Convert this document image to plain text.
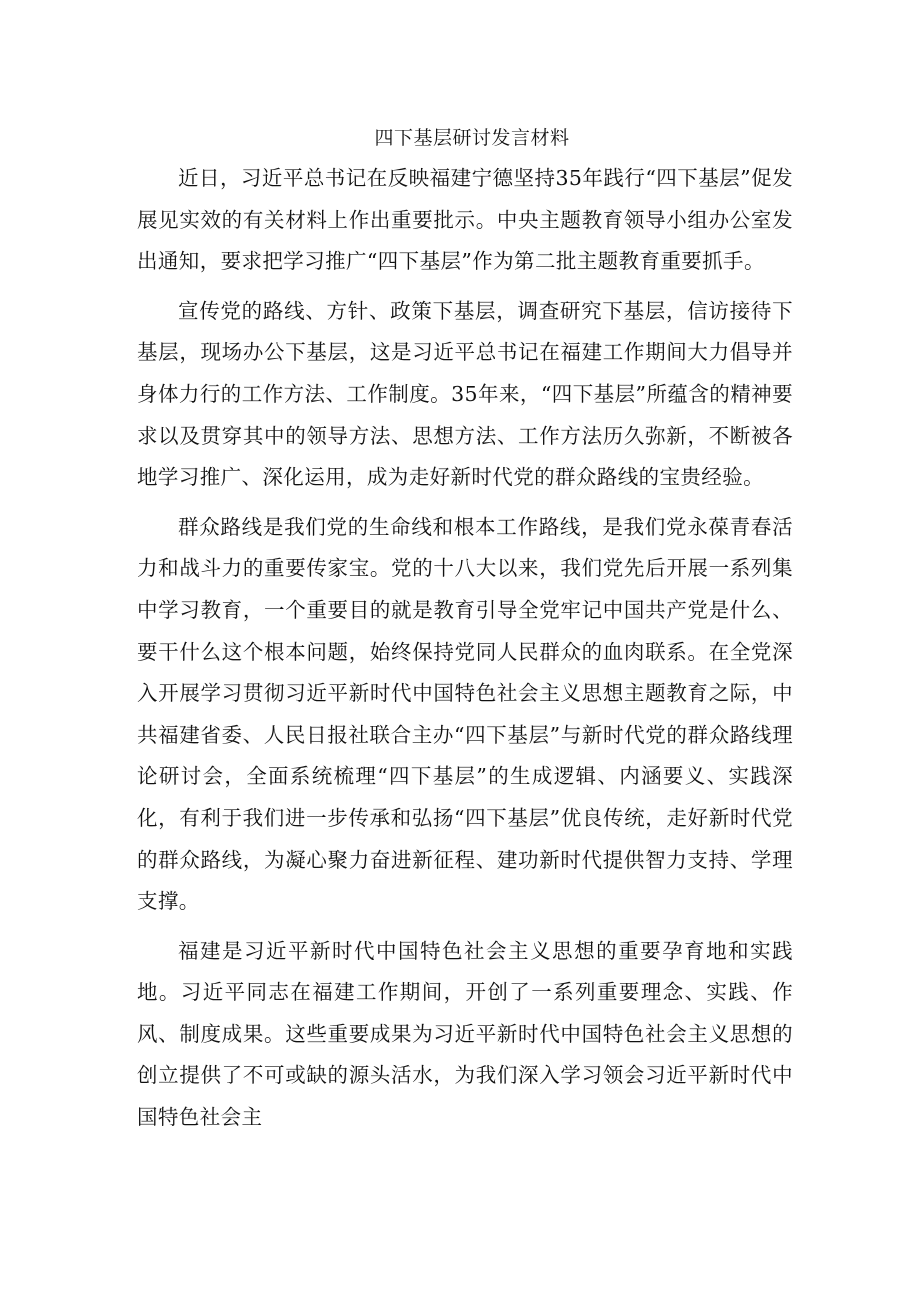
四下基层研讨发言材料

近日，习近平总书记在反映福建宁德坚持35年践行“四下基层”促发展见实效的有关材料上作出重要批示。中央主题教育领导小组办公室发出通知，要求把学习推广“四下基层”作为第二批主题教育重要抓手。

宣传党的路线、方针、政策下基层，调查研究下基层，信访接待下基层，现场办公下基层，这是习近平总书记在福建工作期间大力倡导并身体力行的工作方法、工作制度。35年来，“四下基层”所蕴含的精神要求以及贯穿其中的领导方法、思想方法、工作方法历久弥新，不断被各地学习推广、深化运用，成为走好新时代党的群众路线的宝贵经验。

群众路线是我们党的生命线和根本工作路线，是我们党永葆青春活力和战斗力的重要传家宝。党的十八大以来，我们党先后开展一系列集中学习教育，一个重要目的就是教育引导全党牢记中国共产党是什么、要干什么这个根本问题，始终保持党同人民群众的血肉联系。在全党深入开展学习贯彻习近平新时代中国特色社会主义思想主题教育之际，中共福建省委、人民日报社联合主办“四下基层”与新时代党的群众路线理论研讨会，全面系统梳理“四下基层”的生成逻辑、内涵要义、实践深化，有利于我们进一步传承和弘扬“四下基层”优良传统，走好新时代党的群众路线，为凝心聚力奋进新征程、建功新时代提供智力支持、学理支撑。

福建是习近平新时代中国特色社会主义思想的重要孕育地和实践地。习近平同志在福建工作期间，开创了一系列重要理念、实践、作风、制度成果。这些重要成果为习近平新时代中国特色社会主义思想的创立提供了不可或缺的源头活水，为我们深入学习领会习近平新时代中国特色社会主
